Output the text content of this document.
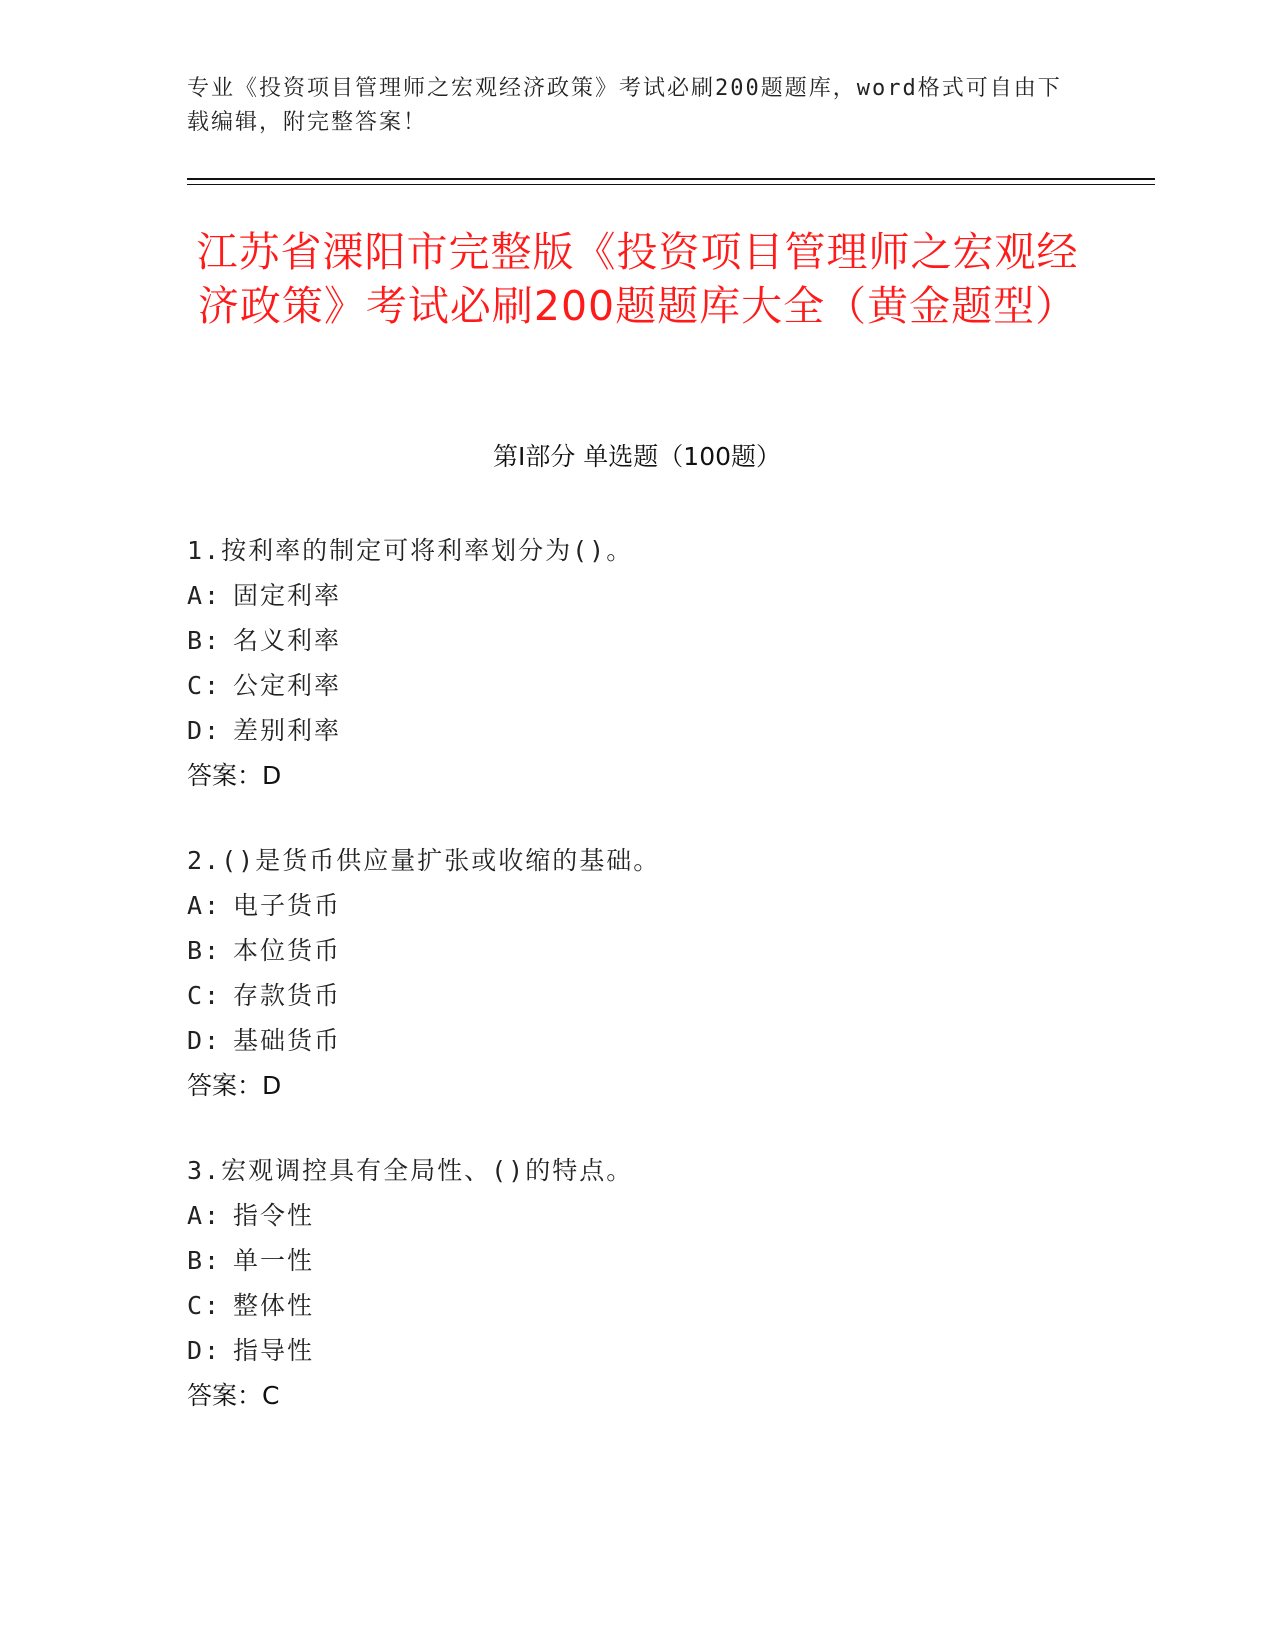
专业《投资项目管理师之宏观经济政策》考试必刷200题题库，word格式可自由下载编辑，附完整答案！
江苏省溧阳市完整版《投资项目管理师之宏观经济政策》考试必刷200题题库大全（黄金题型）
第Ⅰ部分 单选题（100题）
1.按利率的制定可将利率划分为()。
A: 固定利率
B: 名义利率
C: 公定利率
D: 差别利率
答案：D
2.()是货币供应量扩张或收缩的基础。
A: 电子货币
B: 本位货币
C: 存款货币
D: 基础货币
答案：D
3.宏观调控具有全局性、()的特点。
A: 指令性
B: 单一性
C: 整体性
D: 指导性
答案：C
